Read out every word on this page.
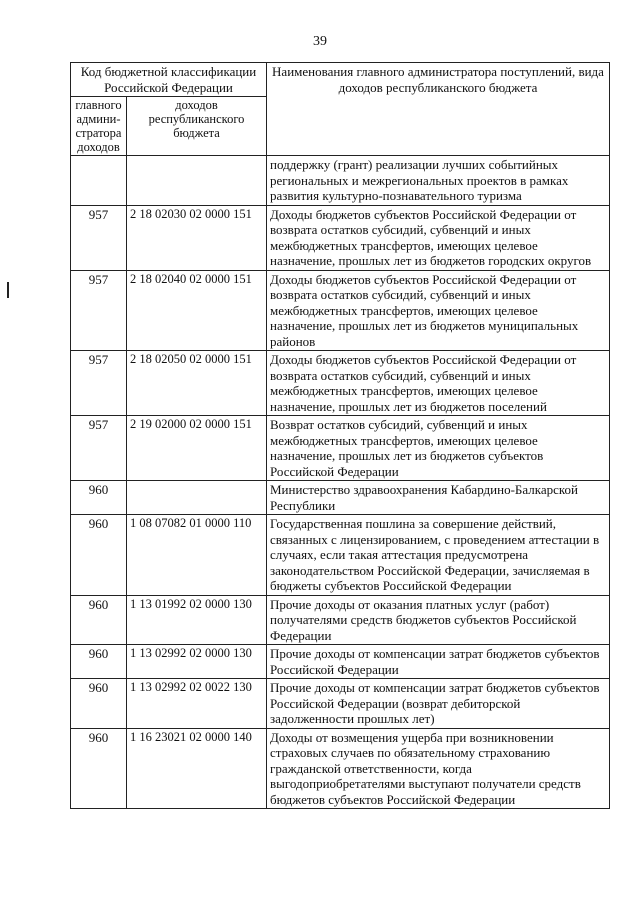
39
Код бюджетной классификации Российской Федерации		Наименования главного администратора поступлений, вида доходов республиканского бюджета
главного админи-стратора доходов	доходов республиканского бюджета	
		поддержку (грант) реализации лучших событийных региональных и межрегиональных проектов в рамках развития культурно-познавательного туризма
957	2 18 02030 02 0000 151	Доходы бюджетов субъектов Российской Федерации от возврата остатков субсидий, субвенций и иных межбюджетных трансфертов, имеющих целевое назначение, прошлых лет из бюджетов городских округов
957	2 18 02040 02 0000 151	Доходы бюджетов субъектов Российской Федерации от возврата остатков субсидий, субвенций и иных межбюджетных трансфертов, имеющих целевое назначение, прошлых лет из бюджетов муниципальных районов
957	2 18 02050 02 0000 151	Доходы бюджетов субъектов Российской Федерации от возврата остатков субсидий, субвенций и иных межбюджетных трансфертов, имеющих целевое назначение, прошлых лет из бюджетов поселений
957	2 19 02000 02 0000 151	Возврат остатков субсидий, субвенций и иных межбюджетных трансфертов, имеющих целевое назначение, прошлых лет из бюджетов субъектов Российской Федерации
960		Министерство здравоохранения Кабардино-Балкарской Республики
960	1 08 07082 01 0000 110	Государственная пошлина за совершение действий, связанных с лицензированием, с проведением аттестации в случаях, если такая аттестация предусмотрена законодательством Российской Федерации, зачисляемая в бюджеты субъектов Российской Федерации
960	1 13 01992 02 0000 130	Прочие доходы от оказания платных услуг (работ) получателями средств бюджетов субъектов Российской Федерации
960	1 13 02992 02 0000 130	Прочие доходы от компенсации затрат бюджетов субъектов Российской Федерации
960	1 13 02992 02 0022 130	Прочие доходы от компенсации затрат бюджетов субъектов Российской Федерации (возврат дебиторской задолженности прошлых лет)
960	1 16 23021 02 0000 140	Доходы от возмещения ущерба при возникновении страховых случаев по обязательному страхованию гражданской ответственности, когда выгодоприобретателями выступают получатели средств бюджетов субъектов Российской Федерации
